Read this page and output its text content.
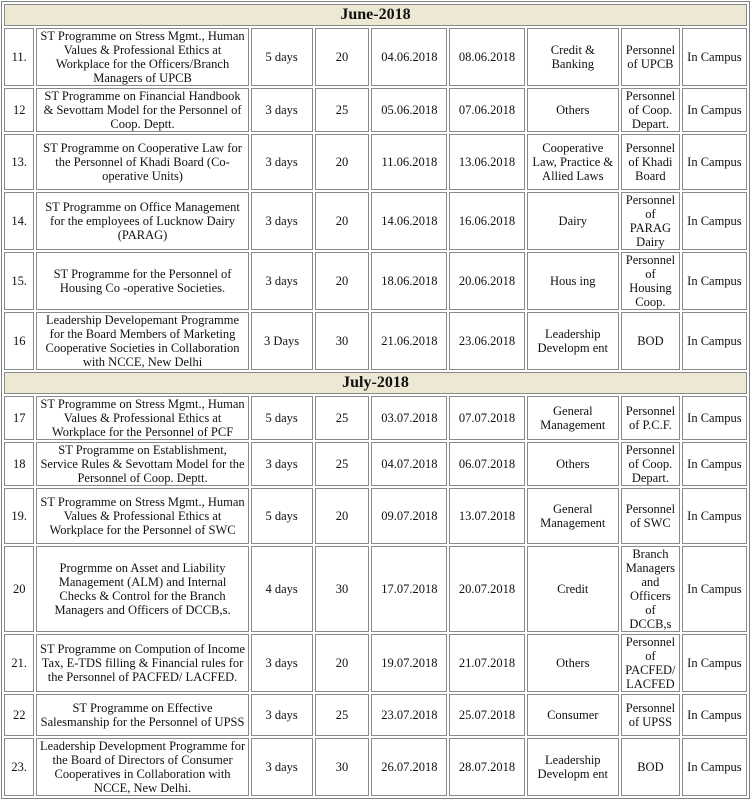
June-2018								
11.	ST Programme on Stress Mgmt., Human Values & Professional Ethics at Workplace for the Officers/Branch Managers of UPCB	5 days	20	04.06.2018	08.06.2018	Credit & Banking	Personnel of UPCB	In Campus
12	ST Programme on Financial Handbook & Sevottam Model for the Personnel of Coop. Deptt.	3 days	25	05.06.2018	07.06.2018	Others	Personnel of Coop. Depart.	In Campus
13.	ST Programme on Cooperative Law for the Personnel of Khadi Board (Co-operative Units)	3 days	20	11.06.2018	13.06.2018	Cooperative Law, Practice & Allied Laws	Personnel of Khadi Board	In Campus
14.	ST Programme on Office Management for the employees of Lucknow Dairy (PARAG)	3 days	20	14.06.2018	16.06.2018	Dairy	Personnel of PARAG Dairy	In Campus
15.	ST Programme for the Personnel of Housing Co -operative Societies.	3 days	20	18.06.2018	20.06.2018	Hous ing	Personnel of Housing Coop.	In Campus
16	Leadership Developemant Programme for the Board Members of Marketing Cooperative Societies in Collaboration with NCCE, New Delhi	3 Days	30	21.06.2018	23.06.2018	Leadership Developm ent	BOD	In Campus
July-2018								
17	ST Programme on Stress Mgmt., Human Values & Professional Ethics at Workplace for the Personnel of PCF	5 days	25	03.07.2018	07.07.2018	General Management	Personnel of P.C.F.	In Campus
18	ST Programme on Establishment, Service Rules & Sevottam Model for the Personnel of Coop. Deptt.	3 days	25	04.07.2018	06.07.2018	Others	Personnel of Coop. Depart.	In Campus
19.	ST Programme on Stress Mgmt., Human Values & Professional Ethics at Workplace for the Personnel of SWC	5 days	20	09.07.2018	13.07.2018	General Management	Personnel of SWC	In Campus
20	Progrmme on Asset and Liability Management (ALM) and Internal Checks & Control for the Branch Managers and Officers of DCCB,s.	4 days	30	17.07.2018	20.07.2018	Credit	Branch Managers and Officers of DCCB,s	In Campus
21.	ST Programme on Compution of Income Tax, E-TDS filling & Financial rules for the Personnel of PACFED/ LACFED.	3 days	20	19.07.2018	21.07.2018	Others	Personnel of PACFED/ LACFED	In Campus
22	ST Programme on Effective Salesmanship for the Personnel of UPSS	3 days	25	23.07.2018	25.07.2018	Consumer	Personnel of UPSS	In Campus
23.	Leadership Development Programme for the Board of Directors of Consumer Cooperatives in Collaboration with NCCE, New Delhi.	3 days	30	26.07.2018	28.07.2018	Leadership Developm ent	BOD	In Campus
